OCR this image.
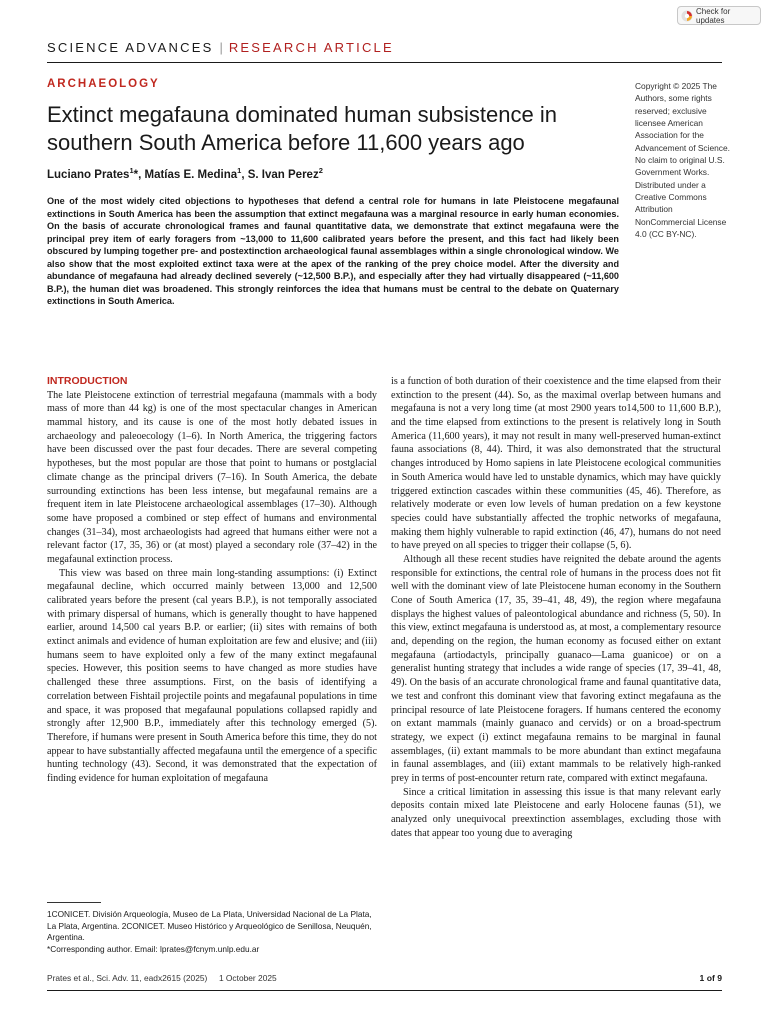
Check for updates
SCIENCE ADVANCES | RESEARCH ARTICLE
ARCHAEOLOGY
Extinct megafauna dominated human subsistence in southern South America before 11,600 years ago
Luciano Prates$^1$*, Matías E. Medina$^1$, S. Ivan Perez$^2$
Copyright © 2025 The Authors, some rights reserved; exclusive licensee American Association for the Advancement of Science. No claim to original U.S. Government Works. Distributed under a Creative Commons Attribution NonCommercial License 4.0 (CC BY-NC).

One of the most widely cited objections to hypotheses that defend a central role for humans in late Pleistocene megafaunal extinctions in South America has been the assumption that extinct megafauna was a marginal resource in early human economies. On the basis of accurate chronological frames and faunal quantitative data, we demonstrate that extinct megafauna were the principal prey item of early foragers from ~13,000 to 11,600 calibrated years before the present, and this fact had likely been obscured by lumping together pre- and postextinction archaeological faunal assemblages within a single chronological window. We also show that the most exploited extinct taxa were at the apex of the ranking of the prey choice model. After the diversity and abundance of megafauna had already declined severely (~12,500 B.P.), and especially after they had virtually disappeared (~11,600 B.P.), the human diet was broadened. This strongly reinforces the idea that humans must be central to the debate on Quaternary extinctions in South America.

INTRODUCTION

The late Pleistocene extinction of terrestrial megafauna (mammals with a body mass of more than 44 kg) is one of the most spectacular changes in American mammal history, and its cause is one of the most hotly debated issues in archaeology and paleoecology (1–6). In North America, the triggering factors have been discussed over the past four decades. There are several competing hypotheses, but the most popular are those that point to humans or postglacial climate change as the principal drivers (7–16). In South America, the debate surrounding extinctions has been less intense, but megafaunal remains are a frequent item in late Pleistocene archaeological assemblages (17–30). Although some have proposed a combined or step effect of humans and environmental changes (31–34), most archaeologists had agreed that humans either were not a relevant factor (17, 35, 36) or (at most) played a secondary role (37–42) in the megafaunal extinction process.

This view was based on three main long-standing assumptions: (i) Extinct megafaunal decline, which occurred mainly between 13,000 and 12,500 calibrated years before the present (cal years B.P.), is not temporally associated with primary dispersal of humans, which is generally thought to have happened earlier, around 14,500 cal years B.P. or earlier; (ii) sites with remains of both extinct animals and evidence of human exploitation are few and elusive; and (iii) humans seem to have exploited only a few of the many extinct megafaunal species. However, this position seems to have changed as more studies have challenged these three assumptions. First, on the basis of identifying a correlation between Fishtail projectile points and megafaunal populations in time and space, it was proposed that megafaunal populations collapsed rapidly and strongly after 12,900 B.P., immediately after this technology emerged (5). Therefore, if humans were present in South America before this time, they do not appear to have substantially affected megafauna until the emergence of a specific hunting technology (43). Second, it was demonstrated that the expectation of finding evidence for human exploitation of megafauna

is a function of both duration of their coexistence and the time elapsed from their extinction to the present (44). So, as the maximal overlap between humans and megafauna is not a very long time (at most 2900 years to14,500 to 11,600 B.P.), and the time elapsed from extinctions to the present is relatively long in South America (11,600 years), it may not result in many well-preserved human-extinct fauna associations (8, 44). Third, it was also demonstrated that the structural changes introduced by Homo sapiens in late Pleistocene ecological communities in South America would have led to unstable dynamics, which may have quickly triggered extinction cascades within these communities (45, 46). Therefore, as relatively moderate or even low levels of human predation on a few keystone species could have substantially affected the trophic networks of megafauna, making them highly vulnerable to rapid extinction (46, 47), humans do not need to have preyed on all species to trigger their collapse (5, 6).

Although all these recent studies have reignited the debate around the agents responsible for extinctions, the central role of humans in the process does not fit well with the dominant view of late Pleistocene human economy in the Southern Cone of South America (17, 35, 39–41, 48, 49), the region where megafauna displays the highest values of paleontological abundance and richness (5, 50). In this view, extinct megafauna is understood as, at most, a complementary resource and, depending on the region, the human economy as focused either on extant megafauna (artiodactyls, principally guanaco—Lama guanicoe) or on a generalist hunting strategy that includes a wide range of species (17, 39–41, 48, 49). On the basis of an accurate chronological frame and faunal quantitative data, we test and confront this dominant view that favoring extinct megafauna as the principal resource of late Pleistocene foragers. If humans centered the economy on extant mammals (mainly guanaco and cervids) or on a broad-spectrum strategy, we expect (i) extinct megafauna remains to be marginal in faunal assemblages, (ii) extant mammals to be more abundant than extinct megafauna in faunal assemblages, and (iii) extant mammals to be relatively high-ranked prey in terms of post-encounter return rate, compared with extinct megafauna.

Since a critical limitation in assessing this issue is that many relevant early deposits contain mixed late Pleistocene and early Holocene faunas (51), we analyzed only unequivocal preextinction assemblages, excluding those with dates that appear too young due to averaging

1CONICET. División Arqueología, Museo de La Plata, Universidad Nacional de La Plata, La Plata, Argentina. 2CONICET. Museo Histórico y Arqueológico de Senillosa, Neuquén, Argentina.

*Corresponding author. Email: lprates@fcnym.unlp.edu.ar

Prates et al., Sci. Adv. 11, eadx2615 (2025)     1 October 2025	1 of 9
